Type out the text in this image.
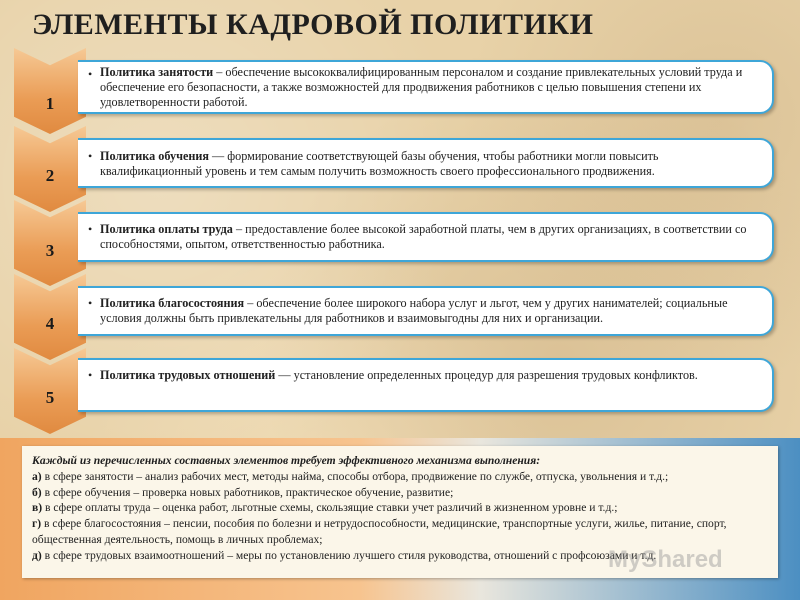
ЭЛЕМЕНТЫ КАДРОВОЙ ПОЛИТИКИ
1
• Политика занятости – обеспечение высококвалифицированным персоналом и создание привлекательных условий труда и обеспечение его безопасности, а также возможностей для продвижения работников с целью повышения степени их удовлетворенности работой.
2
• Политика обучения — формирование соответствующей базы обучения, чтобы работники могли повысить квалификационный уровень и тем самым получить возможность своего профессионального продвижения.
3
• Политика оплаты труда – предоставление более высокой заработной платы, чем в других организациях, в соответствии со способностями, опытом, ответственностью работника.
4
• Политика благосостояния – обеспечение более широкого набора услуг и льгот, чем у других нанимателей; социальные условия должны быть привлекательны для работников и взаимовыгодны для них и организации.
5
• Политика трудовых отношений — установление определенных процедур для разрешения трудовых конфликтов.
Каждый из перечисленных составных элементов требует эффективного механизма выполнения:
а) в сфере занятости – анализ рабочих мест, методы найма, способы отбора, продвижение по службе, отпуска, увольнения и т.д.;
б) в сфере обучения – проверка новых работников, практическое обучение, развитие;
в) в сфере оплаты труда – оценка работ, льготные схемы, скользящие ставки учет различий в жизненном уровне и т.д.;
г) в сфере благосостояния – пенсии, пособия по болезни и нетрудоспособности, медицинские, транспортные услуги, жилье, питание, спорт, общественная деятельность, помощь в личных проблемах;
д) в сфере трудовых взаимоотношений – меры по установлению лучшего стиля руководства, отношений с профсоюзами и т.д.
MyShared
